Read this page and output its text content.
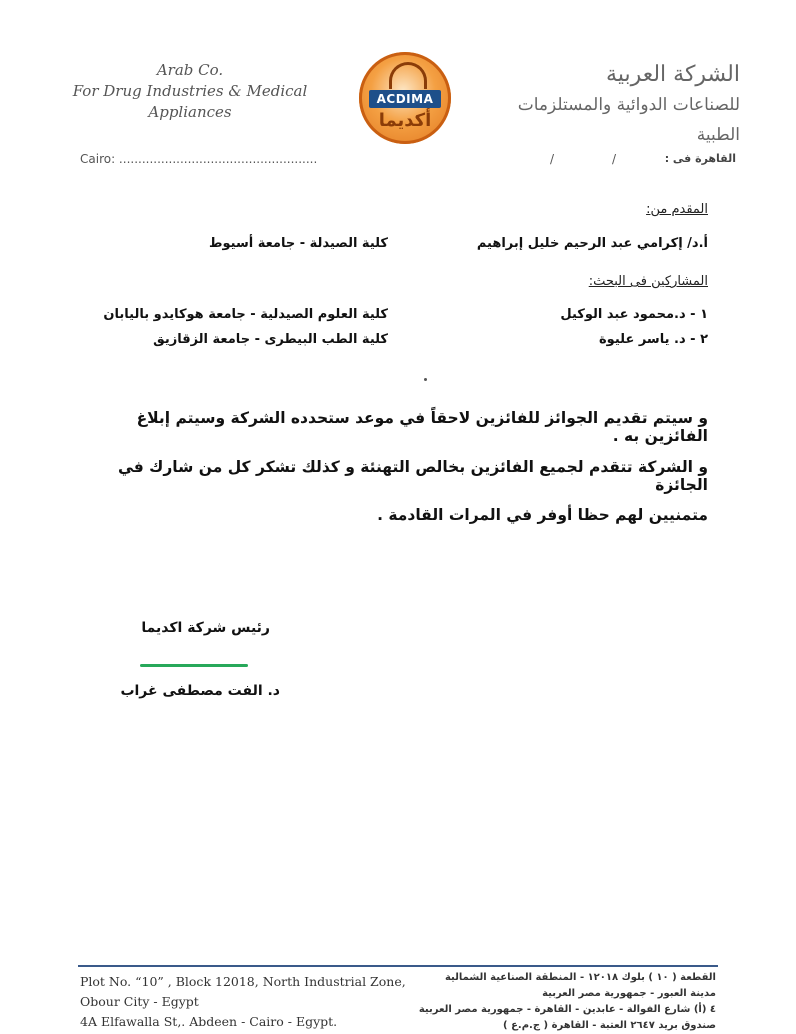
Arab Co.
For Drug Industries & Medical
Appliances
ACDIMA
أكديما
الشركة العربية
للصناعات الدوائية والمستلزمات الطبية
Cairo: ....................................................	/	/	القاهرة فى :
المقدم من:
أ.د/ إكرامي عبد الرحيم خليل إبراهيم
كلية الصيدلة - جامعة أسيوط
المشاركين فى البحث:
١ - د.محمود عبد الوكيل
كلية العلوم الصيدلية - جامعة هوكايدو باليابان
٢ - د. ياسر عليوة
كلية الطب البيطرى - جامعة الزقازيق
و سيتم تقديم الجوائز للفائزين لاحقاً في موعد ستحدده الشركة وسيتم إبلاغ الفائزين به .
و الشركة تتقدم لجميع الفائزين بخالص التهنئة و كذلك تشكر كل من شارك في الجائزة
متمنيين لهم حظا أوفر في المرات القادمة .
رئيس شركة اكديما
د. الفت مصطفى غراب
Plot No. “10” , Block 12018, North Industrial Zone,
Obour City - Egypt
4A Elfawalla St,. Abdeen - Cairo - Egypt.
القطعة ( ١٠ ) بلوك ١٢٠١٨ - المنطقة الصناعية الشمالية
مدينة العبور - جمهورية مصر العربية
٤ (أ) شارع الفوالة - عابدين - القاهرة - جمهورية مصر العربية
صندوق بريد ٢٦٤٧ العتبة - القاهرة ( ج.م.ع )
